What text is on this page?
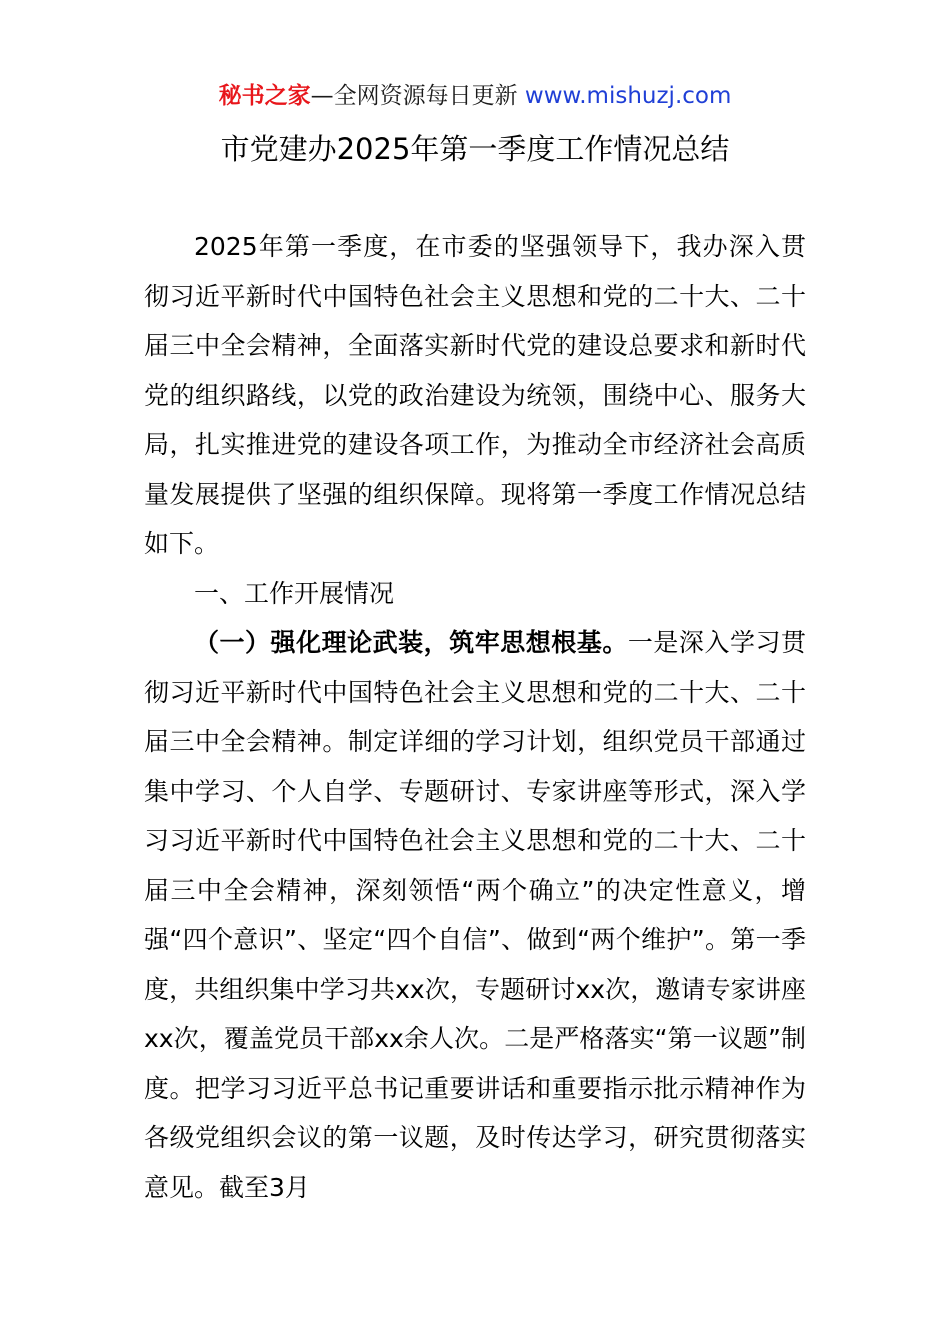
秘书之家—全网资源每日更新 www.mishuzj.com
市党建办2025年第一季度工作情况总结

2025年第一季度，在市委的坚强领导下，我办深入贯彻习近平新时代中国特色社会主义思想和党的二十大、二十届三中全会精神，全面落实新时代党的建设总要求和新时代党的组织路线，以党的政治建设为统领，围绕中心、服务大局，扎实推进党的建设各项工作，为推动全市经济社会高质量发展提供了坚强的组织保障。现将第一季度工作情况总结如下。

一、工作开展情况

（一）强化理论武装，筑牢思想根基。一是深入学习贯彻习近平新时代中国特色社会主义思想和党的二十大、二十届三中全会精神。制定详细的学习计划，组织党员干部通过集中学习、个人自学、专题研讨、专家讲座等形式，深入学习习近平新时代中国特色社会主义思想和党的二十大、二十届三中全会精神，深刻领悟“两个确立”的决定性意义，增强“四个意识”、坚定“四个自信”、做到“两个维护”。第一季度，共组织集中学习共xx次，专题研讨xx次，邀请专家讲座xx次，覆盖党员干部xx余人次。二是严格落实“第一议题”制度。把学习习近平总书记重要讲话和重要指示批示精神作为各级党组织会议的第一议题，及时传达学习，研究贯彻落实意见。截至3月
